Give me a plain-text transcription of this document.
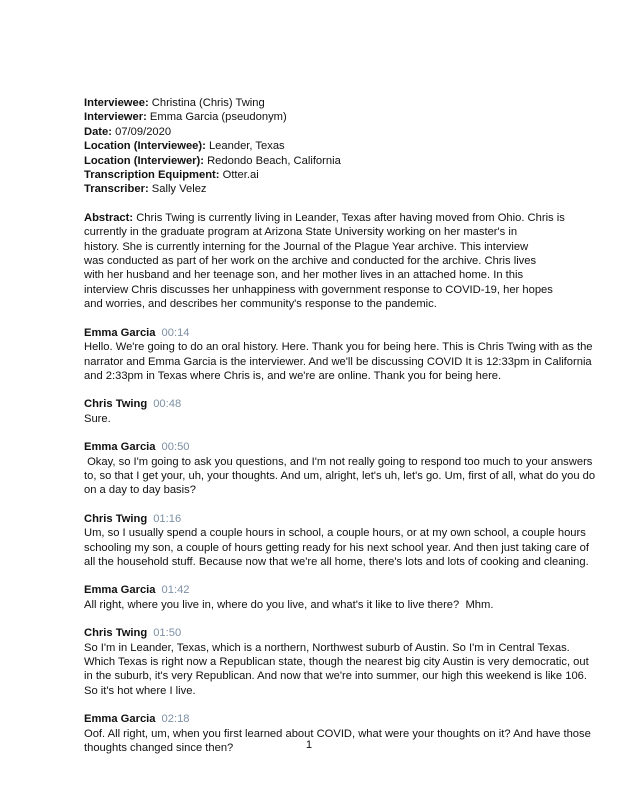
Interviewee: Christina (Chris) Twing
Interviewer: Emma Garcia (pseudonym)
Date: 07/09/2020
Location (Interviewee): Leander, Texas
Location (Interviewer): Redondo Beach, California
Transcription Equipment: Otter.ai
Transcriber: Sally Velez
Abstract: Chris Twing is currently living in Leander, Texas after having moved from Ohio. Chris is
currently in the graduate program at Arizona State University working on her master's in
history. She is currently interning for the Journal of the Plague Year archive. This interview
was conducted as part of her work on the archive and conducted for the archive. Chris lives
with her husband and her teenage son, and her mother lives in an attached home. In this
interview Chris discusses her unhappiness with government response to COVID-19, her hopes
and worries, and describes her community's response to the pandemic.
Emma Garcia 00:14
Hello. We're going to do an oral history. Here. Thank you for being here. This is Chris Twing with as the
narrator and Emma Garcia is the interviewer. And we'll be discussing COVID It is 12:33pm in California
and 2:33pm in Texas where Chris is, and we're are online. Thank you for being here.
Chris Twing 00:48
Sure.
Emma Garcia 00:50
Okay, so I'm going to ask you questions, and I'm not really going to respond too much to your answers
to, so that I get your, uh, your thoughts. And um, alright, let's uh, let's go. Um, first of all, what do you do
on a day to day basis?
Chris Twing 01:16
Um, so I usually spend a couple hours in school, a couple hours, or at my own school, a couple hours
schooling my son, a couple of hours getting ready for his next school year. And then just taking care of
all the household stuff. Because now that we're all home, there's lots and lots of cooking and cleaning.
Emma Garcia 01:42
All right, where you live in, where do you live, and what's it like to live there?  Mhm.
Chris Twing 01:50
So I'm in Leander, Texas, which is a northern, Northwest suburb of Austin. So I'm in Central Texas.
Which Texas is right now a Republican state, though the nearest big city Austin is very democratic, out
in the suburb, it's very Republican. And now that we're into summer, our high this weekend is like 106.
So it's hot where I live.
Emma Garcia 02:18
Oof. All right, um, when you first learned about COVID, what were your thoughts on it? And have those
thoughts changed since then?	1
